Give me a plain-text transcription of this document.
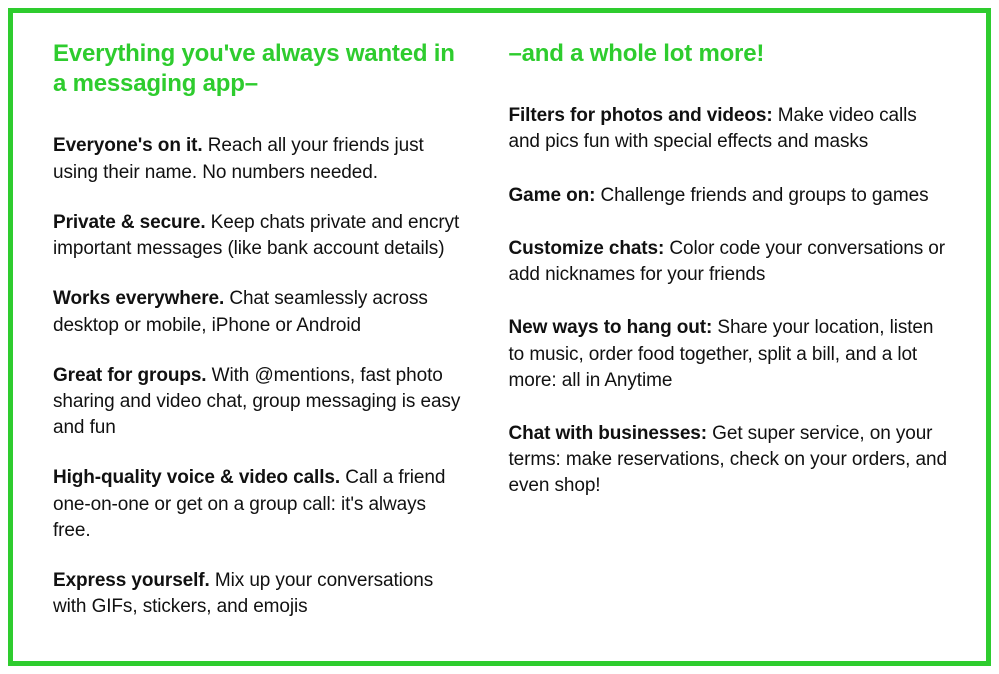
Everything you've always wanted in a messaging app–

Everyone's on it. Reach all your friends just using their name. No numbers needed.

Private & secure. Keep chats private and encryt important messages (like bank account details)

Works everywhere. Chat seamlessly across desktop or mobile, iPhone or Android

Great for groups. With @mentions, fast photo sharing and video chat, group messaging is easy and fun

High-quality voice & video calls. Call a friend one-on-one or get on a group call: it's always free.

Express yourself. Mix up your conversations with GIFs, stickers, and emojis

–and a whole lot more!

Filters for photos and videos: Make video calls and pics fun with special effects and masks

Game on: Challenge friends and groups to games

Customize chats: Color code your conversations or add nicknames for your friends

New ways to hang out: Share your location, listen to music, order food together, split a bill, and a lot more: all in Anytime

Chat with businesses: Get super service, on your terms: make reservations, check on your orders, and even shop!
